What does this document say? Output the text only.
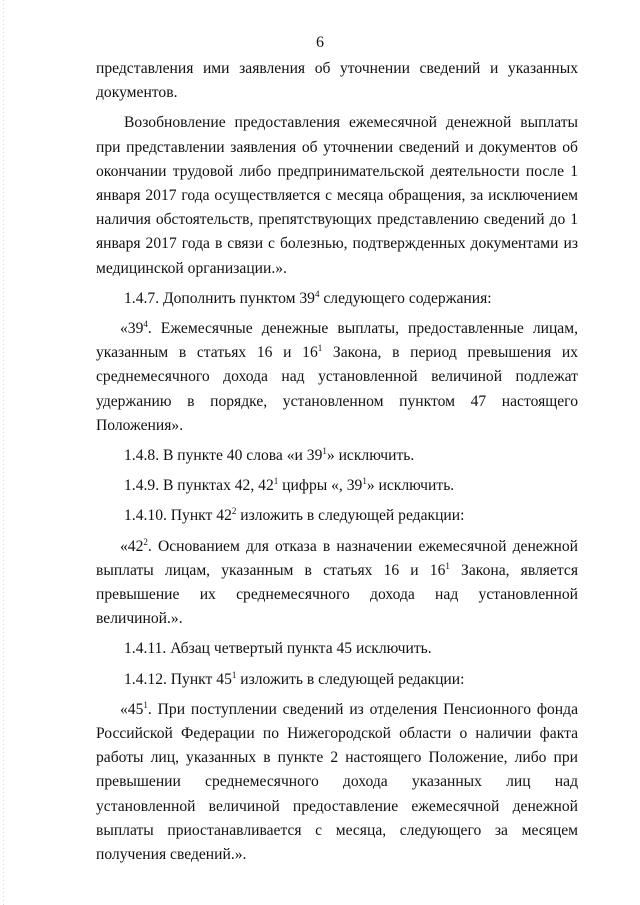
6

представления ими заявления об уточнении сведений и указанных документов.

Возобновление предоставления ежемесячной денежной выплаты при представлении заявления об уточнении сведений и документов об окончании трудовой либо предпринимательской деятельности после 1 января 2017 года осуществляется с месяца обращения, за исключением наличия обстоятельств, препятствующих представлению сведений до 1 января 2017 года в связи с болезнью, подтвержденных документами из медицинской организации.».

1.4.7. Дополнить пунктом $39^4$ следующего содержания:

«$39^4$. Ежемесячные денежные выплаты, предоставленные лицам, указанным в статьях 16 и $16^1$ Закона, в период превышения их среднемесячного дохода над установленной величиной подлежат удержанию в порядке, установленном пунктом 47 настоящего Положения».

1.4.8. В пункте 40 слова «и $39^1$» исключить.

1.4.9. В пунктах 42, $42^1$ цифры «, $39^1$» исключить.

1.4.10. Пункт $42^2$ изложить в следующей редакции:

«$42^2$. Основанием для отказа в назначении ежемесячной денежной выплаты лицам, указанным в статьях 16 и $16^1$ Закона, является превышение их среднемесячного дохода над установленной величиной.».

1.4.11. Абзац четвертый пункта 45 исключить.

1.4.12. Пункт $45^1$ изложить в следующей редакции:

«$45^1$. При поступлении сведений из отделения Пенсионного фонда Российской Федерации по Нижегородской области о наличии факта работы лиц, указанных в пункте 2 настоящего Положение, либо при превышении среднемесячного дохода указанных лиц над установленной величиной предоставление ежемесячной денежной выплаты приостанавливается с месяца, следующего за месяцем получения сведений.».
